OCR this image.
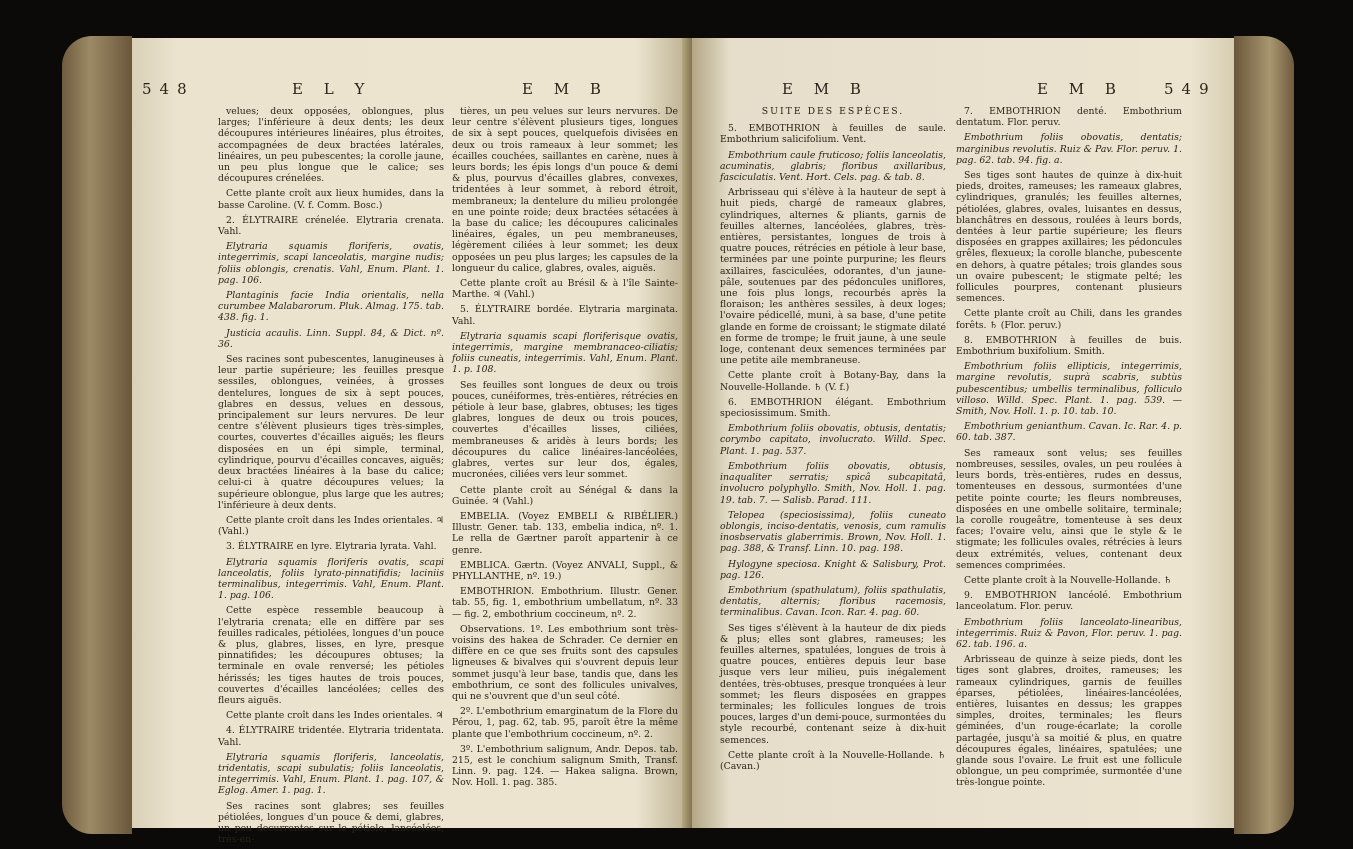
548	E L Y	E M B

velues; deux opposées, oblongues, plus larges; l'inférieure à deux dents; les deux découpures intérieures linéaires, plus étroites, accompagnées de deux bractées latérales, linéaires, un peu pubescentes; la corolle jaune, un peu plus longue que le calice; ses découpures crénelées.

Cette plante croît aux lieux humides, dans la basse Caroline. (V. f. Comm. Bosc.)

2. ÉLYTRAIRE crénelée. Elytraria crenata. Vahl.

Elytraria squamis floriferis, ovatis, integerrimis, scapi lanceolatis, margine nudis; foliis oblongis, crenatis. Vahl, Enum. Plant. 1. pag. 106.

Plantaginis facie India orientalis, nella curumbee Malabarorum. Pluk. Almag. 175. tab. 438. fig. 1.

Justicia acaulis. Linn. Suppl. 84, & Dict. nº. 36.

Ses racines sont pubescentes, lanugineuses à leur partie supérieure; les feuilles presque sessiles, oblongues, veinées, à grosses dentelures, longues de six à sept pouces, glabres en dessus, velues en dessous, principalement sur leurs nervures. De leur centre s'élèvent plusieurs tiges très-simples, courtes, couvertes d'écailles aiguës; les fleurs disposées en un épi simple, terminal, cylindrique, pourvu d'écailles concaves, aiguës; deux bractées linéaires à la base du calice; celui-ci à quatre découpures velues; la supérieure oblongue, plus large que les autres; l'inférieure à deux dents.

Cette plante croît dans les Indes orientales. ♃ (Vahl.)

3. ÉLYTRAIRE en lyre. Elytraria lyrata. Vahl.

Elytraria squamis floriferis ovatis, scapi lanceolatis, foliis lyrato-pinnatifidis; laciniis terminalibus, integerrimis. Vahl, Enum. Plant. 1. pag. 106.

Cette espèce ressemble beaucoup à l'elytraria crenata; elle en diffère par ses feuilles radicales, pétiolées, longues d'un pouce & plus, glabres, lisses, en lyre, presque pinnatifides; les découpures obtuses; la terminale en ovale renversé; les pétioles hérissés; les tiges hautes de trois pouces, couvertes d'écailles lancéolées; celles des fleurs aiguës.

Cette plante croît dans les Indes orientales. ♃

4. ÉLYTRAIRE tridentée. Elytraria tridentata. Vahl.

Elytraria squamis floriferis, lanceolatis, tridentatis, scapi subulatis; foliis lanceolatis, integerrimis. Vahl, Enum. Plant. 1. pag. 107, & Eglog. Amer. 1. pag. 1.

Ses racines sont glabres; ses feuilles pétiolées, longues d'un pouce & demi, glabres, un peu decurrentes sur le pétiole, lancéolées, très-en-

tières, un peu velues sur leurs nervures. De leur centre s'élèvent plusieurs tiges, longues de six à sept pouces, quelquefois divisées en deux ou trois rameaux à leur sommet; les écailles couchées, saillantes en carène, nues à leurs bords; les épis longs d'un pouce & demi & plus, pourvus d'écailles glabres, convexes, tridentées à leur sommet, à rebord étroit, membraneux; la dentelure du milieu prolongée en une pointe roide; deux bractées sétacées à la base du calice; les découpures calicinales linéaires, égales, un peu membraneuses, légèrement ciliées à leur sommet; les deux opposées un peu plus larges; les capsules de la longueur du calice, glabres, ovales, aiguës.

Cette plante croît au Brésil & à l'île Sainte-Marthe. ♃ (Vahl.)

5. ÉLYTRAIRE bordée. Elytraria marginata. Vahl.

Elytraria squamis scapi floriferisque ovatis, integerrimis, margine membranaceo-ciliatis; foliis cuneatis, integerrimis. Vahl, Enum. Plant. 1. p. 108.

Ses feuilles sont longues de deux ou trois pouces, cunéiformes, très-entières, rétrécies en pétiole à leur base, glabres, obtuses; les tiges glabres, longues de deux ou trois pouces, couvertes d'écailles lisses, ciliées, membraneuses & aridès à leurs bords; les découpures du calice linéaires-lancéolées, glabres, vertes sur leur dos, égales, mucronées, ciliées vers leur sommet.

Cette plante croît au Sénégal & dans la Guinée. ♃ (Vahl.)

EMBELIA. (Voyez EMBELI & RIBÉLIER.) Illustr. Gener. tab. 133, embelia indica, nº. 1. Le rella de Gærtner paroît appartenir à ce genre.

EMBLICA. Gærtn. (Voyez ANVALI, Suppl., & PHYLLANTHE, nº. 19.)

EMBOTHRION. Embothrium. Illustr. Gener. tab. 55, fig. 1, embothrium umbellatum, nº. 33 — fig. 2, embothrium coccineum, nº. 2.

Observations. 1º. Les embothrium sont très-voisins des hakea de Schrader. Ce dernier en diffère en ce que ses fruits sont des capsules ligneuses & bivalves qui s'ouvrent depuis leur sommet jusqu'à leur base, tandis que, dans les embothrium, ce sont des follicules univalves, qui ne s'ouvrent que d'un seul côté.

2º. L'embothrium emarginatum de la Flore du Pérou, 1, pag. 62, tab. 95, paroît être la même plante que l'embothrium coccineum, nº. 2.

3º. L'embothrium salignum, Andr. Depos. tab. 215, est le conchium salignum Smith, Transf. Linn. 9. pag. 124. — Hakea saligna. Brown, Nov. Holl. 1. pag. 385.

E M B	E M B	549

SUITE DES ESPÈCES.

5. EMBOTHRION à feuilles de saule. Embothrium salicifolium. Vent.

Embothrium caule fruticoso; foliis lanceolatis, acuminatis, glabris; floribus axillaribus, fasciculatis. Vent. Hort. Cels. pag. & tab. 8.

Arbrisseau qui s'élève à la hauteur de sept à huit pieds, chargé de rameaux glabres, cylindriques, alternes & pliants, garnis de feuilles alternes, lancéolées, glabres, très-entières, persistantes, longues de trois à quatre pouces, rétrécies en pétiole à leur base, terminées par une pointe purpurine; les fleurs axillaires, fasciculées, odorantes, d'un jaune-pâle, soutenues par des pédoncules uniflores, une fois plus longs, recourbés après la floraison; les anthères sessiles, à deux loges; l'ovaire pédicellé, muni, à sa base, d'une petite glande en forme de croissant; le stigmate dilaté en forme de trompe; le fruit jaune, à une seule loge, contenant deux semences terminées par une petite aile membraneuse.

Cette plante croît à Botany-Bay, dans la Nouvelle-Hollande. ♄ (V. f.)

6. EMBOTHRION élégant. Embothrium speciosissimum. Smith.

Embothrium foliis obovatis, obtusis, dentatis; corymbo capitato, involucrato. Willd. Spec. Plant. 1. pag. 537.

Embothrium foliis obovatis, obtusis, inaqualiter serratis; spicâ subcapitatâ, involucro polyphyllo. Smith, Nov. Holl. 1. pag. 19. tab. 7. — Salisb. Parad. 111.

Telopea (speciosissima), foliis cuneato oblongis, inciso-dentatis, venosis, cum ramulis inosbservatis glaberrimis. Brown, Nov. Holl. 1. pag. 388, & Transf. Linn. 10. pag. 198.

Hylogyne speciosa. Knight & Salisbury, Prot. pag. 126.

Embothrium (spathulatum), foliis spathulatis, dentatis, alternis; floribus racemosis, terminalibus. Cavan. Icon. Rar. 4. pag. 60.

Ses tiges s'élèvent à la hauteur de dix pieds & plus; elles sont glabres, rameuses; les feuilles alternes, spatulées, longues de trois à quatre pouces, entières depuis leur base jusque vers leur milieu, puis inégalement dentées, très-obtuses, presque tronquées à leur sommet; les fleurs disposées en grappes terminales; les follicules longues de trois pouces, larges d'un demi-pouce, surmontées du style recourbé, contenant seize à dix-huit semences.

Cette plante croît à la Nouvelle-Hollande. ♄ (Cavan.)

7. EMBOTHRION denté. Embothrium dentatum. Flor. peruv.

Embothrium foliis obovatis, dentatis; marginibus revolutis. Ruiz & Pav. Flor. peruv. 1. pag. 62. tab. 94. fig. a.

Ses tiges sont hautes de quinze à dix-huit pieds, droites, rameuses; les rameaux glabres, cylindriques, granulés; les feuilles alternes, pétiolées, glabres, ovales, luisantes en dessus, blanchâtres en dessous, roulées à leurs bords, dentées à leur partie supérieure; les fleurs disposées en grappes axillaires; les pédoncules grêles, flexueux; la corolle blanche, pubescente en dehors, à quatre pétales; trois glandes sous un ovaire pubescent; le stigmate pelté; les follicules pourpres, contenant plusieurs semences.

Cette plante croît au Chili, dans les grandes forêts. ♄ (Flor. peruv.)

8. EMBOTHRION à feuilles de buis. Embothrium buxifolium. Smith.

Embothrium foliis ellipticis, integerrimis, margine revolutis, suprà scabris, subtùs pubescentibus; umbellis terminalibus, folliculo villoso. Willd. Spec. Plant. 1. pag. 539. — Smith, Nov. Holl. 1. p. 10. tab. 10.

Embothrium genianthum. Cavan. Ic. Rar. 4. p. 60. tab. 387.

Ses rameaux sont velus; ses feuilles nombreuses, sessiles, ovales, un peu roulées à leurs bords, très-entières, rudes en dessus, tomenteuses en dessous, surmontées d'une petite pointe courte; les fleurs nombreuses, disposées en une ombelle solitaire, terminale; la corolle rougeâtre, tomenteuse à ses deux faces; l'ovaire velu, ainsi que le style & le stigmate; les follicules ovales, rétrécies à leurs deux extrémités, velues, contenant deux semences comprimées.

Cette plante croît à la Nouvelle-Hollande. ♄

9. EMBOTHRION lancéolé. Embothrium lanceolatum. Flor. peruv.

Embothrium foliis lanceolato-linearibus, integerrimis. Ruiz & Pavon, Flor. peruv. 1. pag. 62. tab. 196. a.

Arbrisseau de quinze à seize pieds, dont les tiges sont glabres, droites, rameuses; les rameaux cylindriques, garnis de feuilles éparses, pétiolées, linéaires-lancéolées, entières, luisantes en dessus; les grappes simples, droites, terminales; les fleurs géminées, d'un rouge-écarlate; la corolle partagée, jusqu'à sa moitié & plus, en quatre découpures égales, linéaires, spatulées; une glande sous l'ovaire. Le fruit est une follicule oblongue, un peu comprimée, surmontée d'une très-longue pointe.
